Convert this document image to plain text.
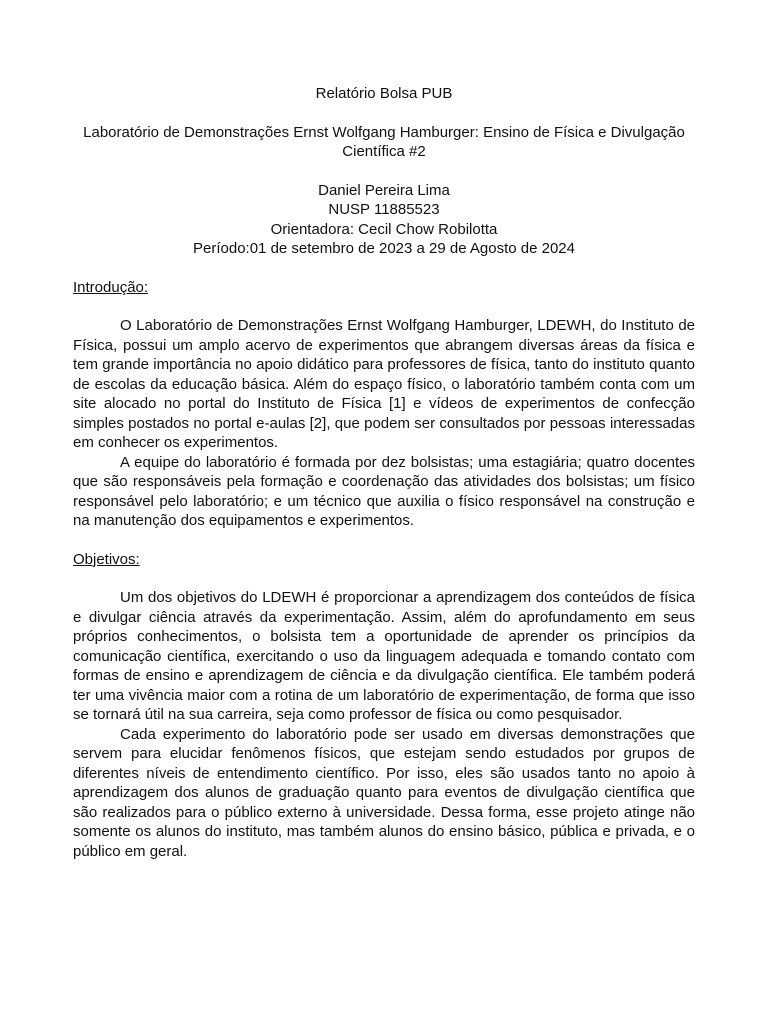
Relatório Bolsa PUB

Laboratório de Demonstrações Ernst Wolfgang Hamburger: Ensino de Física e Divulgação Científica #2

Daniel Pereira Lima

NUSP 11885523

Orientadora: Cecil Chow Robilotta

Período:01 de setembro de 2023 a 29 de Agosto de 2024

Introdução:

O Laboratório de Demonstrações Ernst Wolfgang Hamburger, LDEWH, do Instituto de Física, possui um amplo acervo de experimentos que abrangem diversas áreas da física e tem grande importância no apoio didático para professores de física, tanto do instituto quanto de escolas da educação básica. Além do espaço físico, o laboratório também conta com um site alocado no portal do Instituto de Física [1] e vídeos de experimentos de confecção simples postados no portal e-aulas [2], que podem ser consultados por pessoas interessadas em conhecer os experimentos.

A equipe do laboratório é formada por dez bolsistas; uma estagiária; quatro docentes que são responsáveis pela formação e coordenação das atividades dos bolsistas; um físico responsável pelo laboratório; e um técnico que auxilia o físico responsável na construção e na manutenção dos equipamentos e experimentos.

Objetivos:

Um dos objetivos do LDEWH é proporcionar a aprendizagem dos conteúdos de física e divulgar ciência através da experimentação. Assim, além do aprofundamento em seus próprios conhecimentos, o bolsista tem a oportunidade de aprender os princípios da comunicação científica, exercitando o uso da linguagem adequada e tomando contato com formas de ensino e aprendizagem de ciência e da divulgação científica. Ele também poderá ter uma vivência maior com a rotina de um laboratório de experimentação, de forma que isso se tornará útil na sua carreira, seja como professor de física ou como pesquisador.

Cada experimento do laboratório pode ser usado em diversas demonstrações que servem para elucidar fenômenos físicos, que estejam sendo estudados por grupos de diferentes níveis de entendimento científico. Por isso, eles são usados tanto no apoio à aprendizagem dos alunos de graduação quanto para eventos de divulgação científica que são realizados para o público externo à universidade. Dessa forma, esse projeto atinge não somente os alunos do instituto, mas também alunos do ensino básico, pública e privada, e o público em geral.
